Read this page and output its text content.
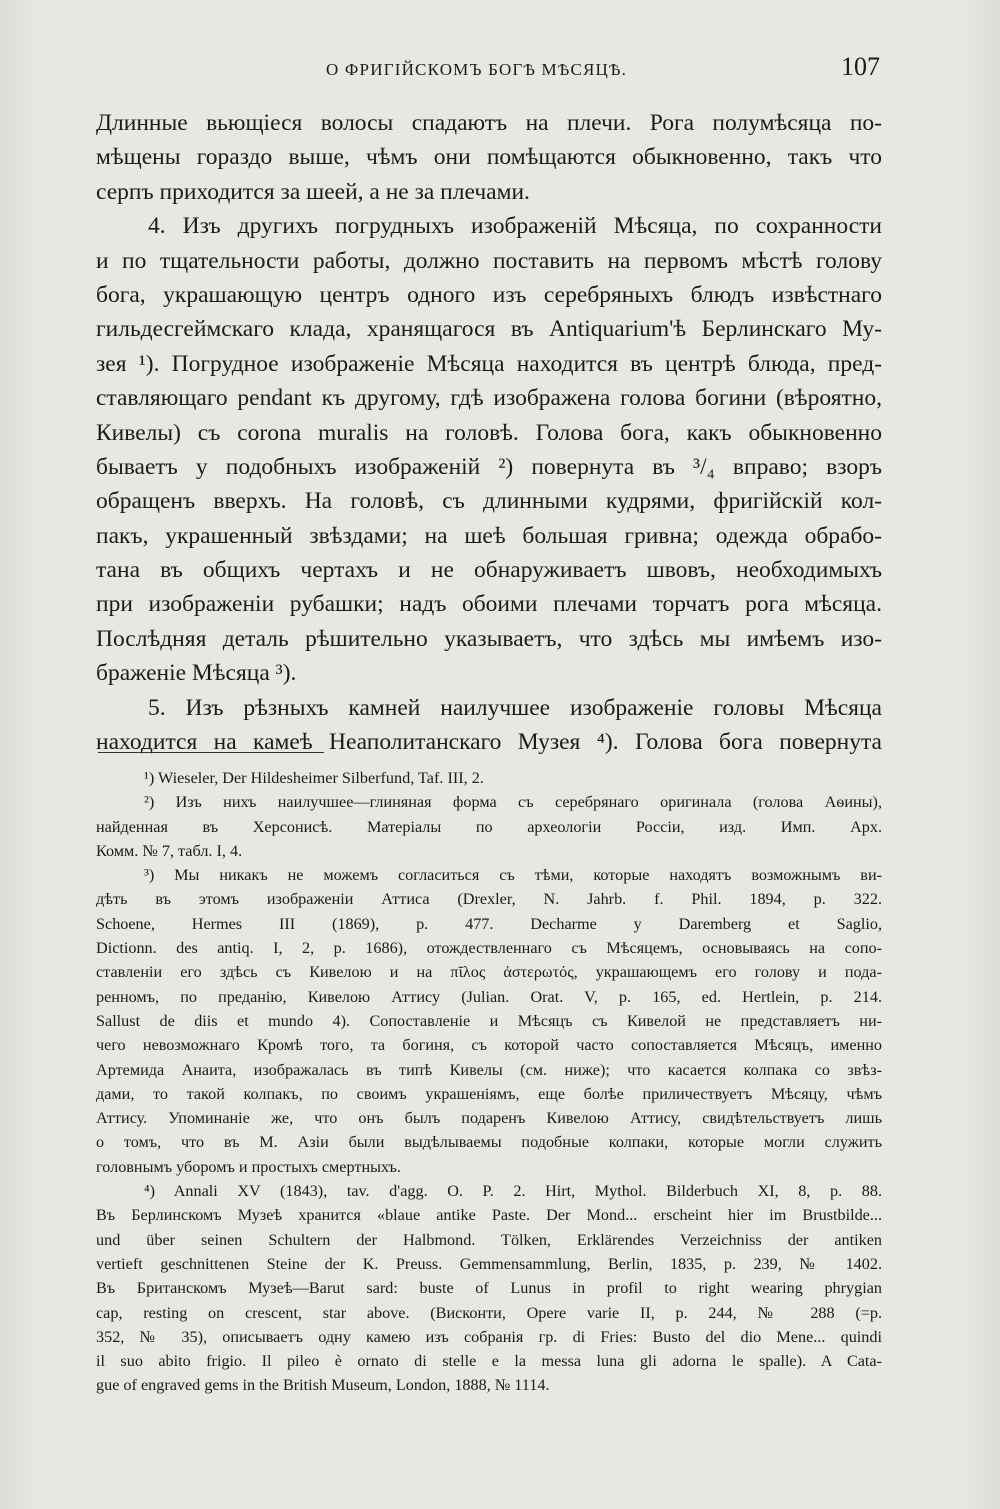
О ФРИГІЙСКОМЪ БОГѢ МѢСЯЦѢ.	107
Длинные вьющіеся волосы спадаютъ на плечи. Рога полумѣсяца по-
мѣщены гораздо выше, чѣмъ они помѣщаются обыкновенно, такъ что
серпъ приходится за шеей, а не за плечами.
4. Изъ другихъ погрудныхъ изображеній Мѣсяца, по сохранности
и по тщательности работы, должно поставить на первомъ мѣстѣ голову
бога, украшающую центръ одного изъ серебряныхъ блюдъ извѣстнаго
гильдесгеймскаго клада, хранящагося въ Antiquarium'ѣ Берлинскаго Му-
зея ¹). Погрудное изображеніе Мѣсяца находится въ центрѣ блюда, пред-
ставляющаго pendant къ другому, гдѣ изображена голова богини (вѣроятно,
Кивелы) съ corona muralis на головѣ. Голова бога, какъ обыкновенно
бываетъ у подобныхъ изображеній ²) повернута въ ³/₄ вправо; взоръ
обращенъ вверхъ. На головѣ, съ длинными кудрями, фригійскій кол-
пакъ, украшенный звѣздами; на шеѣ большая гривна; одежда обрабо-
тана въ общихъ чертахъ и не обнаруживаетъ швовъ, необходимыхъ
при изображеніи рубашки; надъ обоими плечами торчатъ рога мѣсяца.
Послѣдняя деталь рѣшительно указываетъ, что здѣсь мы имѣемъ изо-
браженіе Мѣсяца ³).
5. Изъ рѣзныхъ камней наилучшее изображеніе головы Мѣсяца
находится на камеѣ Неаполитанскаго Музея ⁴). Голова бога повернута
¹) Wieseler, Der Hildesheimer Silberfund, Taf. III, 2.
²) Изъ нихъ наилучшее—глиняная форма съ серебрянаго оригинала (голова Аѳины),
найденная въ Херсонисѣ. Матеріалы по археологіи Россіи, изд. Имп. Арх.
Комм. № 7, табл. I, 4.
³) Мы никакъ не можемъ согласиться съ тѣми, которые находятъ возможнымъ ви-
дѣть въ этомъ изображеніи Аттиса (Drexler, N. Jahrb. f. Phil. 1894, p. 322.
Schoene, Hermes III (1869), p. 477. Decharme y Daremberg et Saglio,
Dictionn. des antiq. I, 2, p. 1686), отождествленнаго съ Мѣсяцемъ, основываясь на сопо-
ставленіи его здѣсь съ Кивелою и на πῖλος ἀστερωτός, украшающемъ его голову и пода-
ренномъ, по преданію, Кивелою Аттису (Julian. Orat. V, p. 165, ed. Hertlein, p. 214.
Sallust de diis et mundo 4). Сопоставленіе и Мѣсяцъ съ Кивелой не представляетъ ни-
чего невозможнаго Кромѣ того, та богиня, съ которой часто сопоставляется Мѣсяцъ, именно
Артемида Анаита, изображалась въ типѣ Кивелы (см. ниже); что касается колпака со звѣз-
дами, то такой колпакъ, по своимъ украшеніямъ, еще болѣе приличествуетъ Мѣсяцу, чѣмъ
Аттису. Упоминаніе же, что онъ былъ подаренъ Кивелою Аттису, свидѣтельствуетъ лишь
о томъ, что въ М. Азіи были выдѣлываемы подобные колпаки, которые могли служить
головнымъ уборомъ и простыхъ смертныхъ.
⁴) Annali XV (1843), tav. d'agg. O. P. 2. Hirt, Mythol. Bilderbuch XI, 8, p. 88.
Въ Берлинскомъ Музеѣ хранится «blaue antike Paste. Der Mond... erscheint hier im Brustbilde...
und über seinen Schultern der Halbmond. Tölken, Erklärendes Verzeichniss der antiken
vertieft geschnittenen Steine der K. Preuss. Gemmensammlung, Berlin, 1835, p. 239, № 1402.
Въ Британскомъ Музеѣ—Barut sard: buste of Lunus in profil to right wearing phrygian
cap, resting on crescent, star above. (Висконти, Opere varie II, p. 244, № 288 (=p.
352, № 35), описываетъ одну камею изъ собранія гр. di Fries: Busto del dio Mene... quindi
il suo abito frigio. Il pileo è ornato di stelle e la messa luna gli adorna le spalle). A Cata-
gue of engraved gems in the British Museum, London, 1888, № 1114.
